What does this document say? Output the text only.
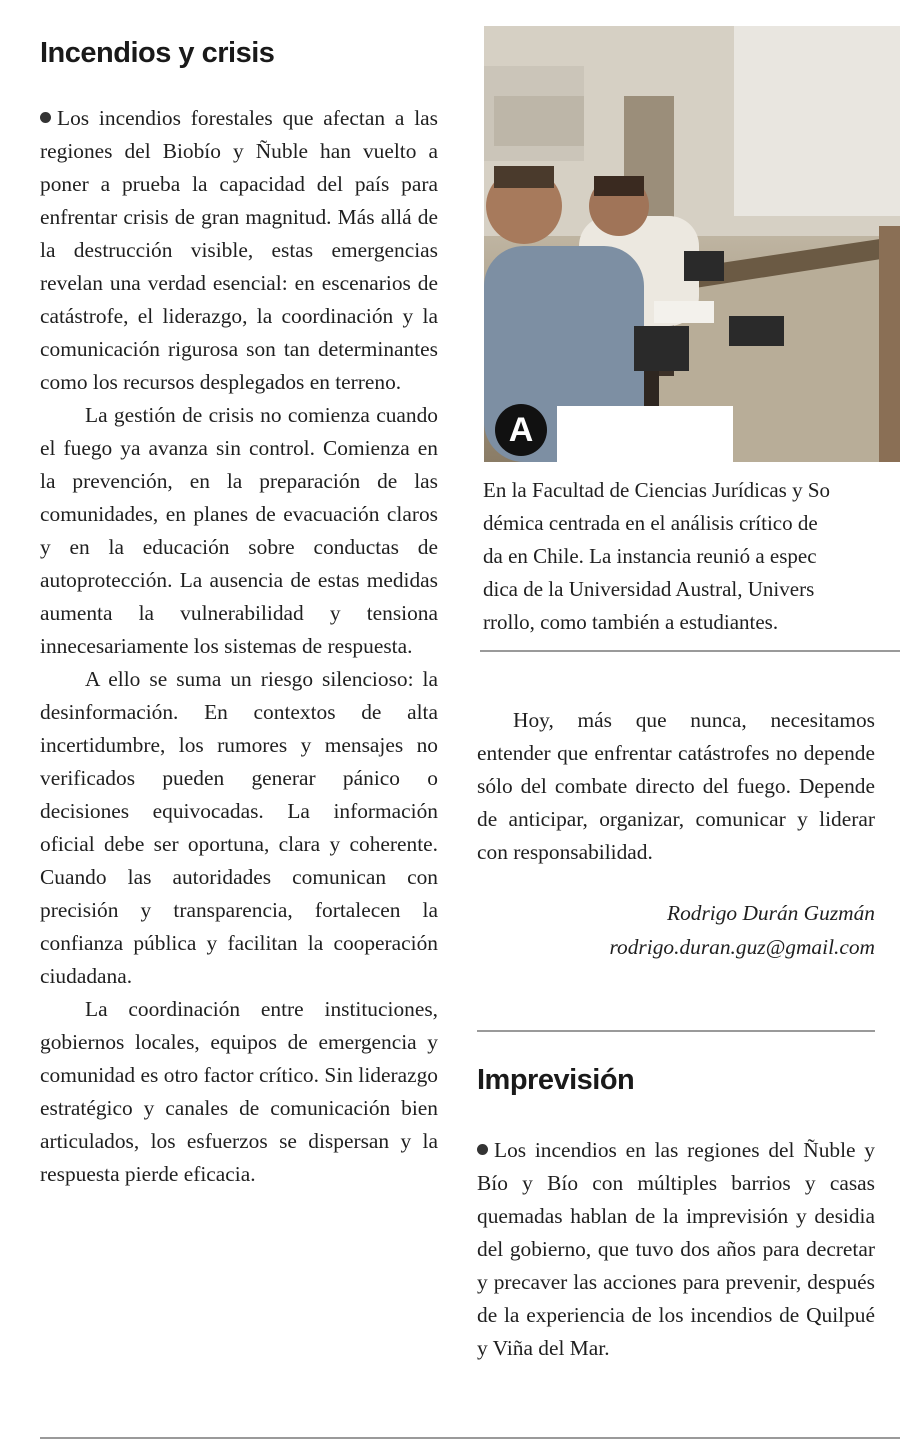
Incendios y crisis

Los incendios forestales que afectan a las regiones del Biobío y Ñuble han vuelto a poner a prueba la capacidad del país para enfrentar crisis de gran magnitud. Más allá de la destrucción visible, estas emergencias revelan una verdad esencial: en escenarios de catástrofe, el liderazgo, la coordinación y la comunicación rigurosa son tan determinantes como los recursos desplegados en terreno.

La gestión de crisis no comienza cuando el fuego ya avanza sin control. Comienza en la prevención, en la preparación de las comunidades, en planes de evacuación claros y en la educación sobre conductas de autoprotección. La ausencia de estas medidas aumenta la vulnerabilidad y tensiona innecesariamente los sistemas de respuesta.

A ello se suma un riesgo silencioso: la desinformación. En contextos de alta incertidumbre, los rumores y mensajes no verificados pueden generar pánico o decisiones equivocadas. La información oficial debe ser oportuna, clara y coherente. Cuando las autoridades comunican con precisión y transparencia, fortalecen la confianza pública y facilitan la cooperación ciudadana.

La coordinación entre instituciones, gobiernos locales, equipos de emergencia y comunidad es otro factor crítico. Sin liderazgo estratégico y canales de comunicación bien articulados, los esfuerzos se dispersan y la respuesta pierde eficacia.

A
En la Facultad de Ciencias Jurídicas y So
démica centrada en el análisis crítico de
da en Chile. La instancia reunió a espec
dica de la Universidad Austral, Univers
rrollo, como también a estudiantes.

Hoy, más que nunca, necesitamos entender que enfrentar catástrofes no depende sólo del combate directo del fuego. Depende de anticipar, organizar, comunicar y liderar con responsabilidad.

Rodrigo Durán Guzmán
rodrigo.duran.guz@gmail.com
Imprevisión

Los incendios en las regiones del Ñuble y Bío y Bío con múltiples barrios y casas quemadas hablan de la imprevisión y desidia del gobierno, que tuvo dos años para decretar y precaver las acciones para prevenir, después de la experiencia de los incendios de Quilpué y Viña del Mar.
